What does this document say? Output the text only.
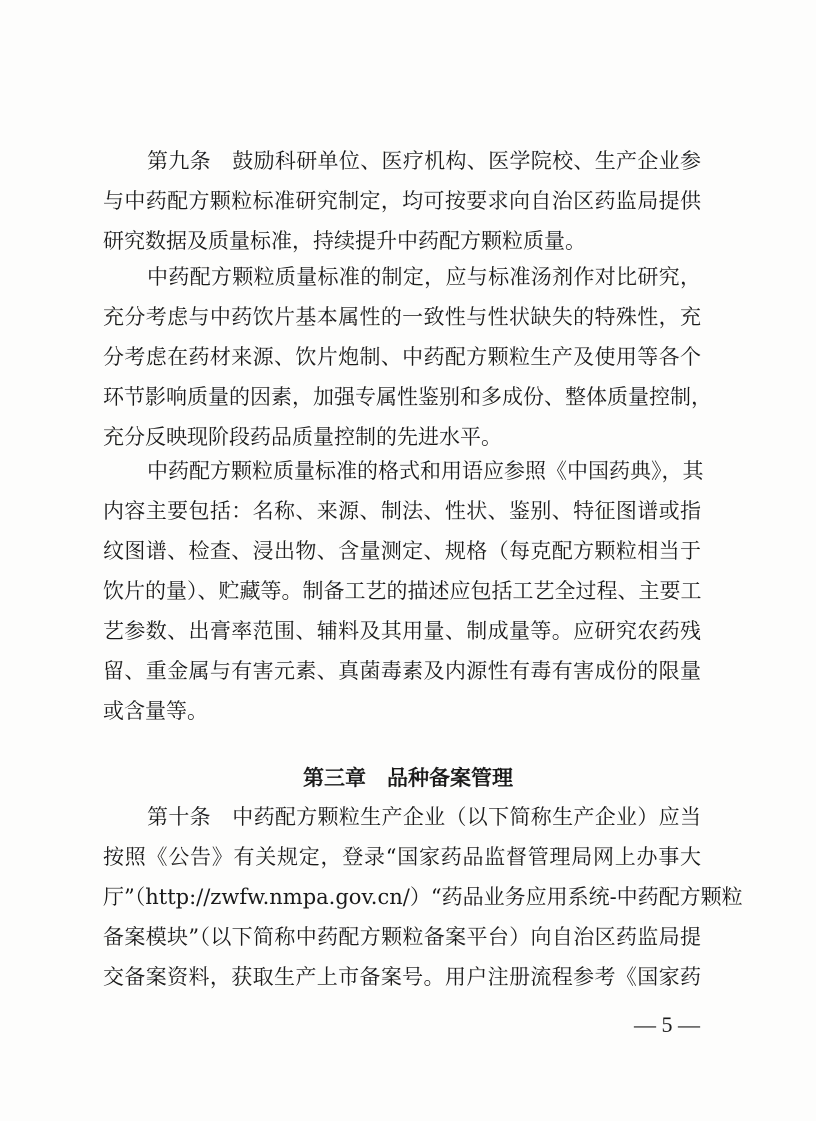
第九条　鼓励科研单位、医疗机构、医学院校、生产企业参
与中药配方颗粒标准研究制定，均可按要求向自治区药监局提供
研究数据及质量标准，持续提升中药配方颗粒质量。
中药配方颗粒质量标准的制定，应与标准汤剂作对比研究，
充分考虑与中药饮片基本属性的一致性与性状缺失的特殊性，充
分考虑在药材来源、饮片炮制、中药配方颗粒生产及使用等各个
环节影响质量的因素，加强专属性鉴别和多成份、整体质量控制，
充分反映现阶段药品质量控制的先进水平。
中药配方颗粒质量标准的格式和用语应参照《中国药典》，其
内容主要包括：名称、来源、制法、性状、鉴别、特征图谱或指
纹图谱、检查、浸出物、含量测定、规格（每克配方颗粒相当于
饮片的量）、贮藏等。制备工艺的描述应包括工艺全过程、主要工
艺参数、出膏率范围、辅料及其用量、制成量等。应研究农药残
留、重金属与有害元素、真菌毒素及内源性有毒有害成份的限量
或含量等。
第三章　品种备案管理
第十条　中药配方颗粒生产企业（以下简称生产企业）应当
按照《公告》有关规定，登录“国家药品监督管理局网上办事大
厅”（http://zwfw.nmpa.gov.cn/）“药品业务应用系统-中药配方颗粒
备案模块”（以下简称中药配方颗粒备案平台）向自治区药监局提
交备案资料，获取生产上市备案号。用户注册流程参考《国家药
— 5 —
